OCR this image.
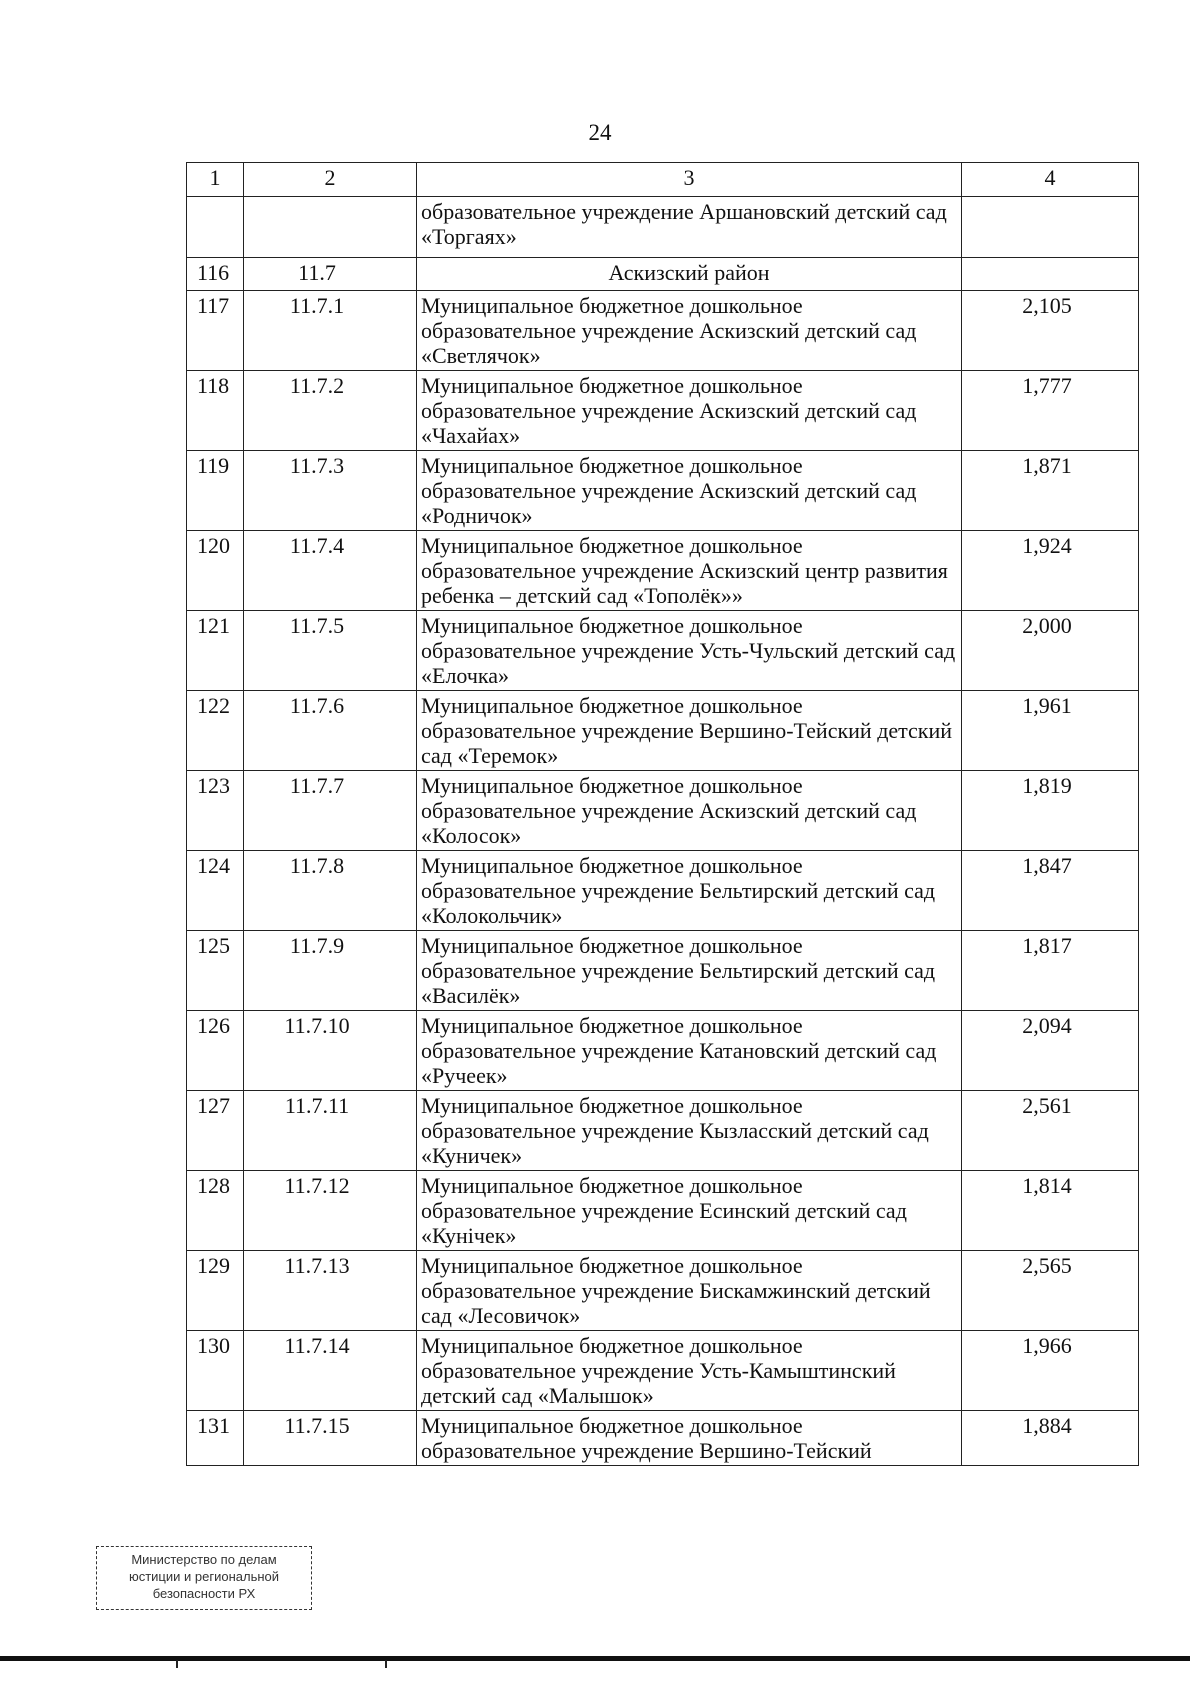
24
1	2	3	4
		образовательное учреждение Аршановский детский сад «Торгаях»	
116	11.7	Аскизский район	
117	11.7.1	Муниципальное бюджетное дошкольное образовательное учреждение Аскизский детский сад «Светлячок»	2,105
118	11.7.2	Муниципальное бюджетное дошкольное образовательное учреждение Аскизский детский сад «Чахайах»	1,777
119	11.7.3	Муниципальное бюджетное дошкольное образовательное учреждение Аскизский детский сад «Родничок»	1,871
120	11.7.4	Муниципальное бюджетное дошкольное образовательное учреждение Аскизский центр развития ребенка – детский сад «Тополёк»»	1,924
121	11.7.5	Муниципальное бюджетное дошкольное образовательное учреждение Усть-Чульский детский сад «Елочка»	2,000
122	11.7.6	Муниципальное бюджетное дошкольное образовательное учреждение Вершино-Тейский детский сад «Теремок»	1,961
123	11.7.7	Муниципальное бюджетное дошкольное образовательное учреждение Аскизский детский сад «Колосок»	1,819
124	11.7.8	Муниципальное бюджетное дошкольное образовательное учреждение Бельтирский детский сад «Колокольчик»	1,847
125	11.7.9	Муниципальное бюджетное дошкольное образовательное учреждение Бельтирский детский сад «Василёк»	1,817
126	11.7.10	Муниципальное бюджетное дошкольное образовательное учреждение Катановский детский сад «Ручеек»	2,094
127	11.7.11	Муниципальное бюджетное дошкольное образовательное учреждение Кызласский детский сад «Куничек»	2,561
128	11.7.12	Муниципальное бюджетное дошкольное образовательное учреждение Есинский детский сад «Кунiчек»	1,814
129	11.7.13	Муниципальное бюджетное дошкольное образовательное учреждение Бискамжинский детский сад «Лесовичок»	2,565
130	11.7.14	Муниципальное бюджетное дошкольное образовательное учреждение Усть-Камыштинский детский сад «Малышок»	1,966
131	11.7.15	Муниципальное бюджетное дошкольное образовательное учреждение Вершино-Тейский	1,884
Министерство по делам
юстиции и региональной
безопасности РХ
